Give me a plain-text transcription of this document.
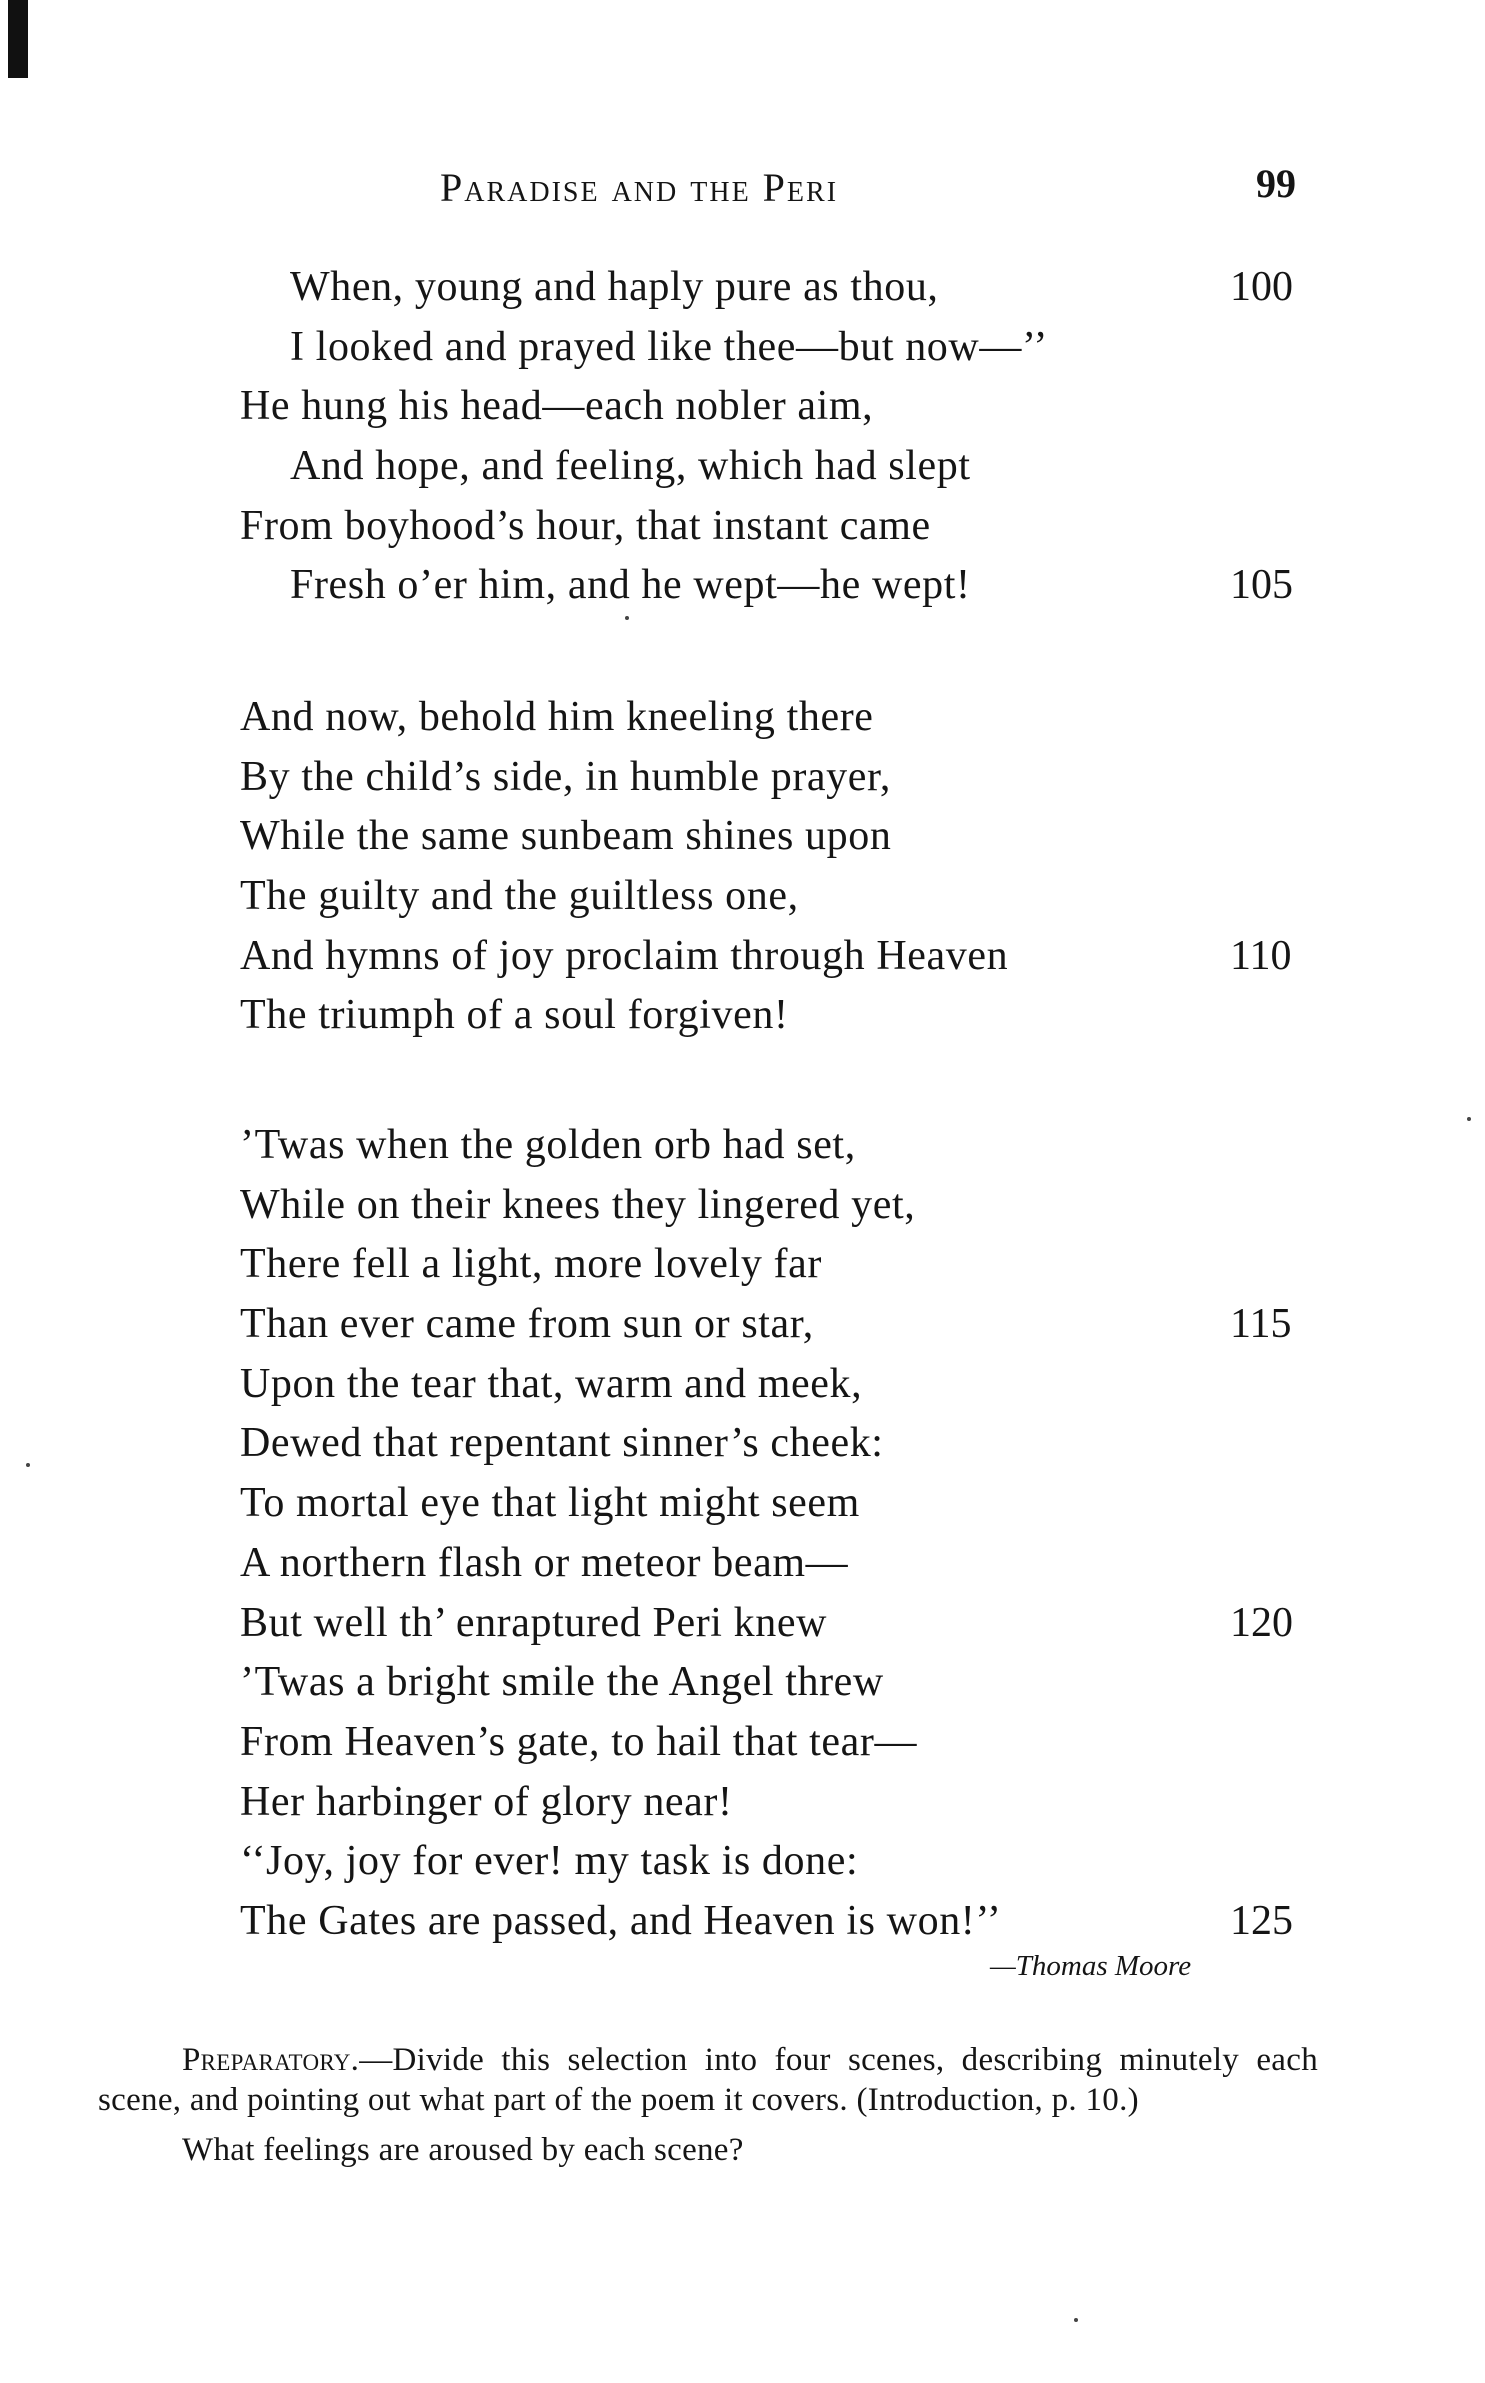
Paradise and the Peri	99
When, young and haply pure as thou,	100
I looked and prayed like thee—but now—’’
He hung his head—each nobler aim,
And hope, and feeling, which had slept
From boyhood’s hour, that instant came
Fresh o’er him, and he wept—he wept!	105
And now, behold him kneeling there
By the child’s side, in humble prayer,
While the same sunbeam shines upon
The guilty and the guiltless one,
And hymns of joy proclaim through Heaven	110
The triumph of a soul forgiven!
’Twas when the golden orb had set,
While on their knees they lingered yet,
There fell a light, more lovely far
Than ever came from sun or star,	115
Upon the tear that, warm and meek,
Dewed that repentant sinner’s cheek:
To mortal eye that light might seem
A northern flash or meteor beam—
But well th’ enraptured Peri knew	120
’Twas a bright smile the Angel threw
From Heaven’s gate, to hail that tear—
Her harbinger of glory near!
‘‘Joy, joy for ever! my task is done:
The Gates are passed, and Heaven is won!’’	125
—Thomas Moore

Preparatory.—Divide this selection into four scenes, describing minutely each scene, and pointing out what part of the poem it covers. (Introduction, p. 10.)

What feelings are aroused by each scene?
